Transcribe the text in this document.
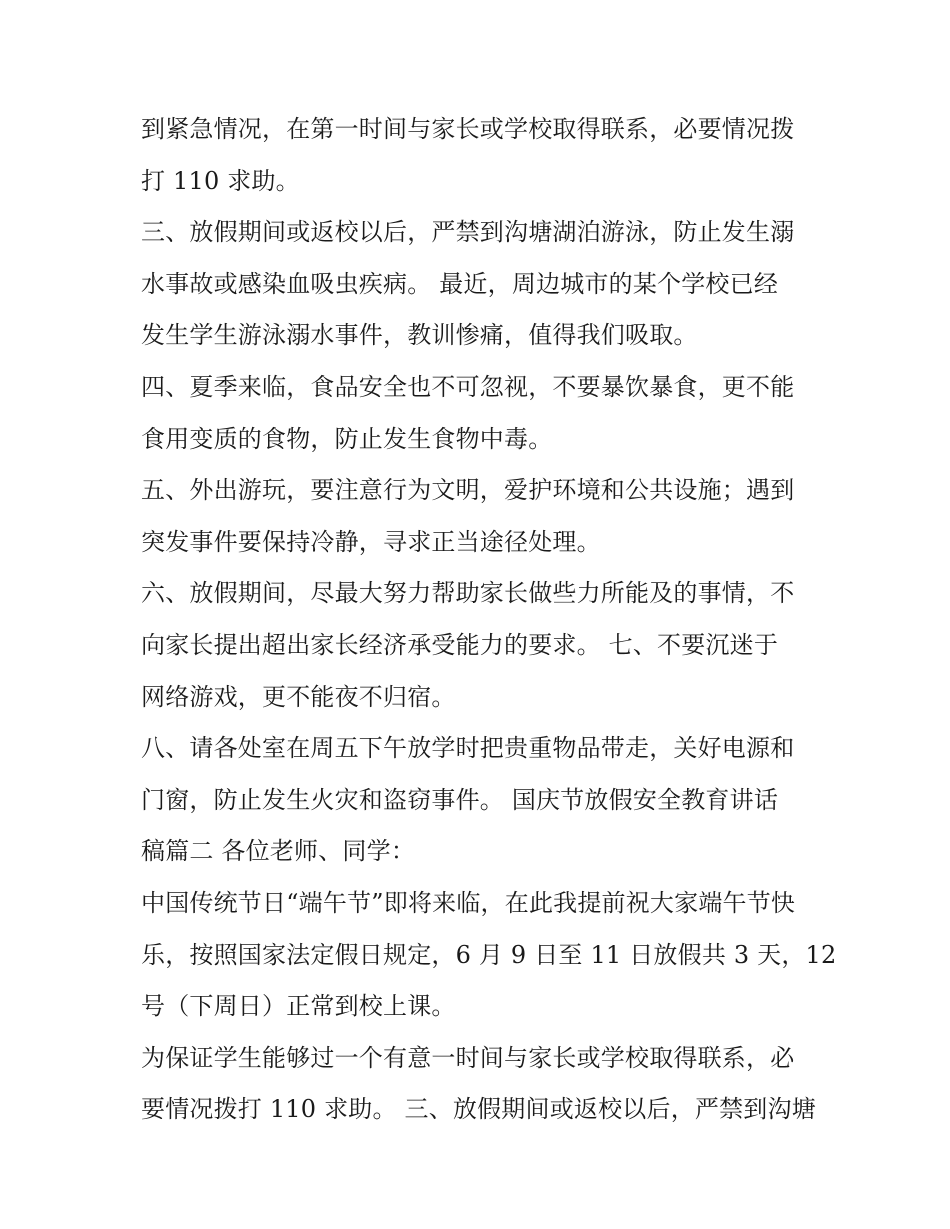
到紧急情况，在第一时间与家长或学校取得联系，必要情况拨
打 110 求助。
三、放假期间或返校以后，严禁到沟塘湖泊游泳，防止发生溺
水事故或感染血吸虫疾病。 最近，周边城市的某个学校已经
发生学生游泳溺水事件，教训惨痛，值得我们吸取。
四、夏季来临，食品安全也不可忽视，不要暴饮暴食，更不能
食用变质的食物，防止发生食物中毒。
五、外出游玩，要注意行为文明，爱护环境和公共设施；遇到
突发事件要保持冷静，寻求正当途径处理。
六、放假期间，尽最大努力帮助家长做些力所能及的事情，不
向家长提出超出家长经济承受能力的要求。 七、不要沉迷于
网络游戏，更不能夜不归宿。
八、请各处室在周五下午放学时把贵重物品带走，关好电源和
门窗，防止发生火灾和盗窃事件。 国庆节放假安全教育讲话
稿篇二 各位老师、同学：
中国传统节日“端午节”即将来临，在此我提前祝大家端午节快
乐，按照国家法定假日规定，6 月 9 日至 11 日放假共 3 天，12
号（下周日）正常到校上课。
为保证学生能够过一个有意一时间与家长或学校取得联系，必
要情况拨打 110 求助。 三、放假期间或返校以后，严禁到沟塘
